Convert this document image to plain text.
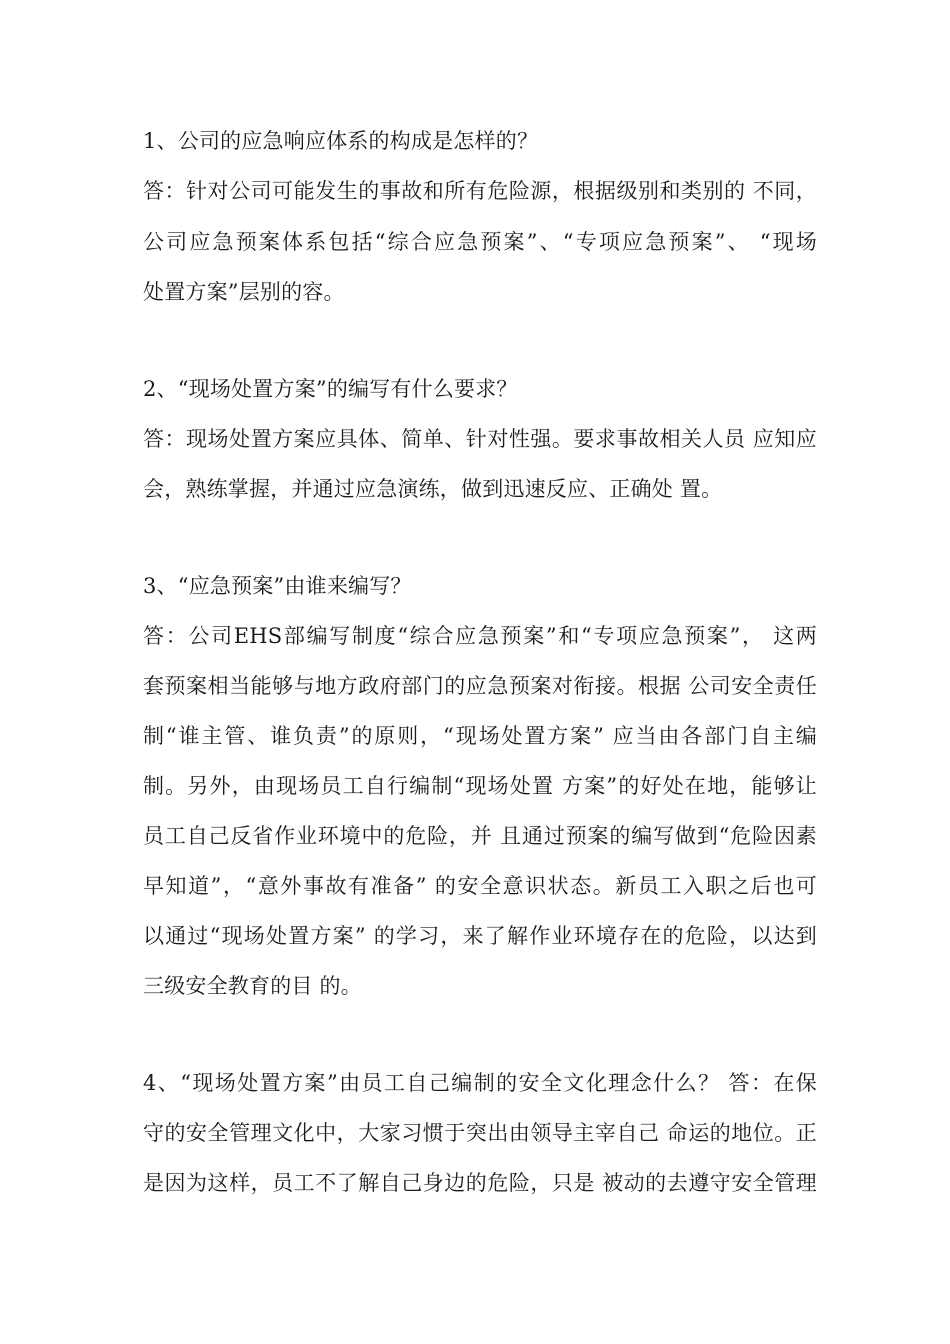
1、公司的应急响应体系的构成是怎样的？
答：针对公司可能发生的事故和所有危险源，根据级别和类别的 不同，
公司应急预案体系包括“综合应急预案”、“专项应急预案”、 “现场
处置方案”层别的容。
2、“现场处置方案”的编写有什么要求？
答：现场处置方案应具体、简单、针对性强。要求事故相关人员 应知应
会，熟练掌握，并通过应急演练，做到迅速反应、正确处 置。
3、“应急预案”由谁来编写？
答：公司EHS部编写制度“综合应急预案”和“专项应急预案”， 这两
套预案相当能够与地方政府部门的应急预案对衔接。根据 公司安全责任
制“谁主管、谁负责”的原则，“现场处置方案” 应当由各部门自主编
制。另外，由现场员工自行编制“现场处置 方案”的好处在地，能够让
员工自己反省作业环境中的危险，并 且通过预案的编写做到“危险因素
早知道”，“意外事故有准备” 的安全意识状态。新员工入职之后也可
以通过“现场处置方案” 的学习，来了解作业环境存在的危险，以达到
三级安全教育的目 的。
4、“现场处置方案”由员工自己编制的安全文化理念什么？ 答：在保
守的安全管理文化中，大家习惯于突出由领导主宰自己 命运的地位。正
是因为这样，员工不了解自己身边的危险，只是 被动的去遵守安全管理
